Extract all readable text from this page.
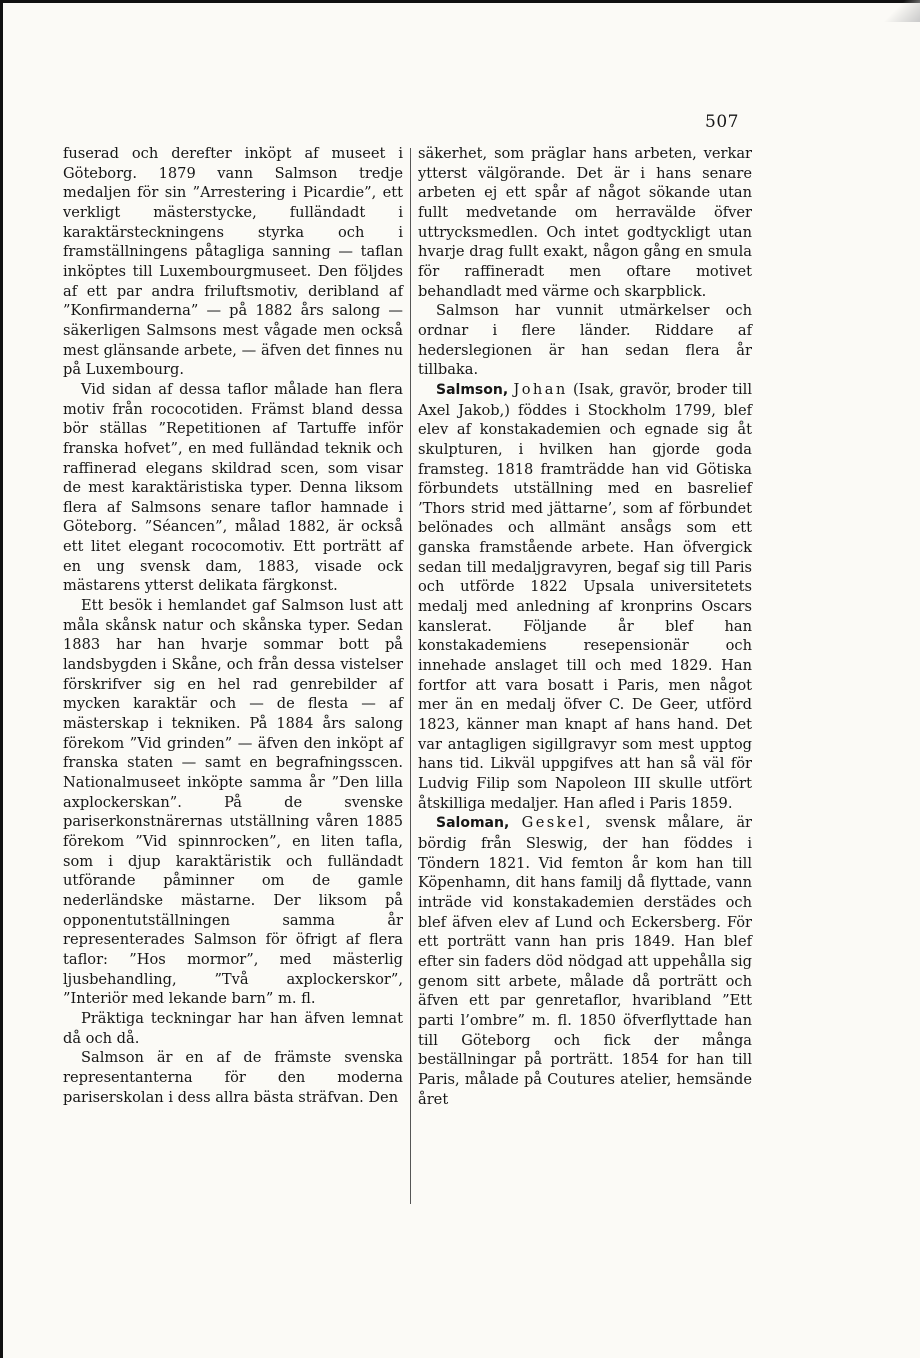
507

fuserad och derefter inköpt af museet i Göteborg. 1879 vann Salmson tredje medaljen för sin ”Arrestering i Picardie”, ett verkligt mästerstycke, fulländadt i karaktärsteckningens styrka och i framställningens påtagliga sanning — taflan inköptes till Luxembourgmuseet. Den följdes af ett par andra friluftsmotiv, deribland af ”Konfirmanderna” — på 1882 års salong — säkerligen Salmsons mest vågade men också mest glänsande arbete, — äfven det finnes nu på Luxembourg.

Vid sidan af dessa taflor målade han flera motiv från rococotiden. Främst bland dessa bör ställas ”Repetitionen af Tartuffe inför franska hofvet”, en med fulländad teknik och raffinerad elegans skildrad scen, som visar de mest karaktäristiska typer. Denna liksom flera af Salmsons senare taflor hamnade i Göteborg. ”Séancen”, målad 1882, är också ett litet elegant rococomotiv. Ett porträtt af en ung svensk dam, 1883, visade ock mästarens ytterst delikata färgkonst.

Ett besök i hemlandet gaf Salmson lust att måla skånsk natur och skånska typer. Sedan 1883 har han hvarje sommar bott på landsbygden i Skåne, och från dessa vistelser förskrifver sig en hel rad genrebilder af mycken karaktär och — de flesta — af mästerskap i tekniken. På 1884 års salong förekom ”Vid grinden” — äfven den inköpt af franska staten — samt en begrafningsscen. Nationalmuseet inköpte samma år ”Den lilla axplockerskan”. På de svenske pariserkonstnärernas utställning våren 1885 förekom ”Vid spinnrocken”, en liten tafla, som i djup karaktäristik och fulländadt utförande påminner om de gamle nederländske mästarne. Der liksom på opponentutställningen samma år representerades Salmson för öfrigt af flera taflor: ”Hos mormor”, med mästerlig ljusbehandling, ”Två axplockerskor”, ”Interiör med lekande barn” m. fl.

Präktiga teckningar har han äfven lemnat då och då.

Salmson är en af de främste svenska representanterna för den moderna pariserskolan i dess allra bästa sträfvan. Den

säkerhet, som präglar hans arbeten, verkar ytterst välgörande. Det är i hans senare arbeten ej ett spår af något sökande utan fullt medvetande om herravälde öfver uttrycksmedlen. Och intet godtyckligt utan hvarje drag fullt exakt, någon gång en smula för raffineradt men oftare motivet behandladt med värme och skarpblick.

Salmson har vunnit utmärkelser och ordnar i flere länder. Riddare af hederslegionen är han sedan flera år tillbaka.

Salmson, Johan (Isak, gravör, broder till Axel Jakob,) föddes i Stockholm 1799, blef elev af konstakademien och egnade sig åt skulpturen, i hvilken han gjorde goda framsteg. 1818 framträdde han vid Götiska förbundets utställning med en basrelief ’Thors strid med jättarne’, som af förbundet belönades och allmänt ansågs som ett ganska framstående arbete. Han öfvergick sedan till medaljgravyren, begaf sig till Paris och utförde 1822 Upsala universitetets medalj med anledning af kronprins Oscars kanslerat. Följande år blef han konstakademiens resepensionär och innehade anslaget till och med 1829. Han fortfor att vara bosatt i Paris, men något mer än en medalj öfver C. De Geer, utförd 1823, känner man knapt af hans hand. Det var antagligen sigillgravyr som mest upptog hans tid. Likväl uppgifves att han så väl för Ludvig Filip som Napoleon III skulle utfört åtskilliga medaljer. Han afled i Paris 1859.

Saloman, Geskel, svensk målare, är bördig från Sleswig, der han föddes i Töndern 1821. Vid femton år kom han till Köpenhamn, dit hans familj då flyttade, vann inträde vid konstakademien derstädes och blef äfven elev af Lund och Eckersberg. För ett porträtt vann han pris 1849. Han blef efter sin faders död nödgad att uppehålla sig genom sitt arbete, målade då porträtt och äfven ett par genretaflor, hvaribland ”Ett parti l’ombre” m. fl. 1850 öfverflyttade han till Göteborg och fick der många beställningar på porträtt. 1854 for han till Paris, målade på Coutures atelier, hemsände året
